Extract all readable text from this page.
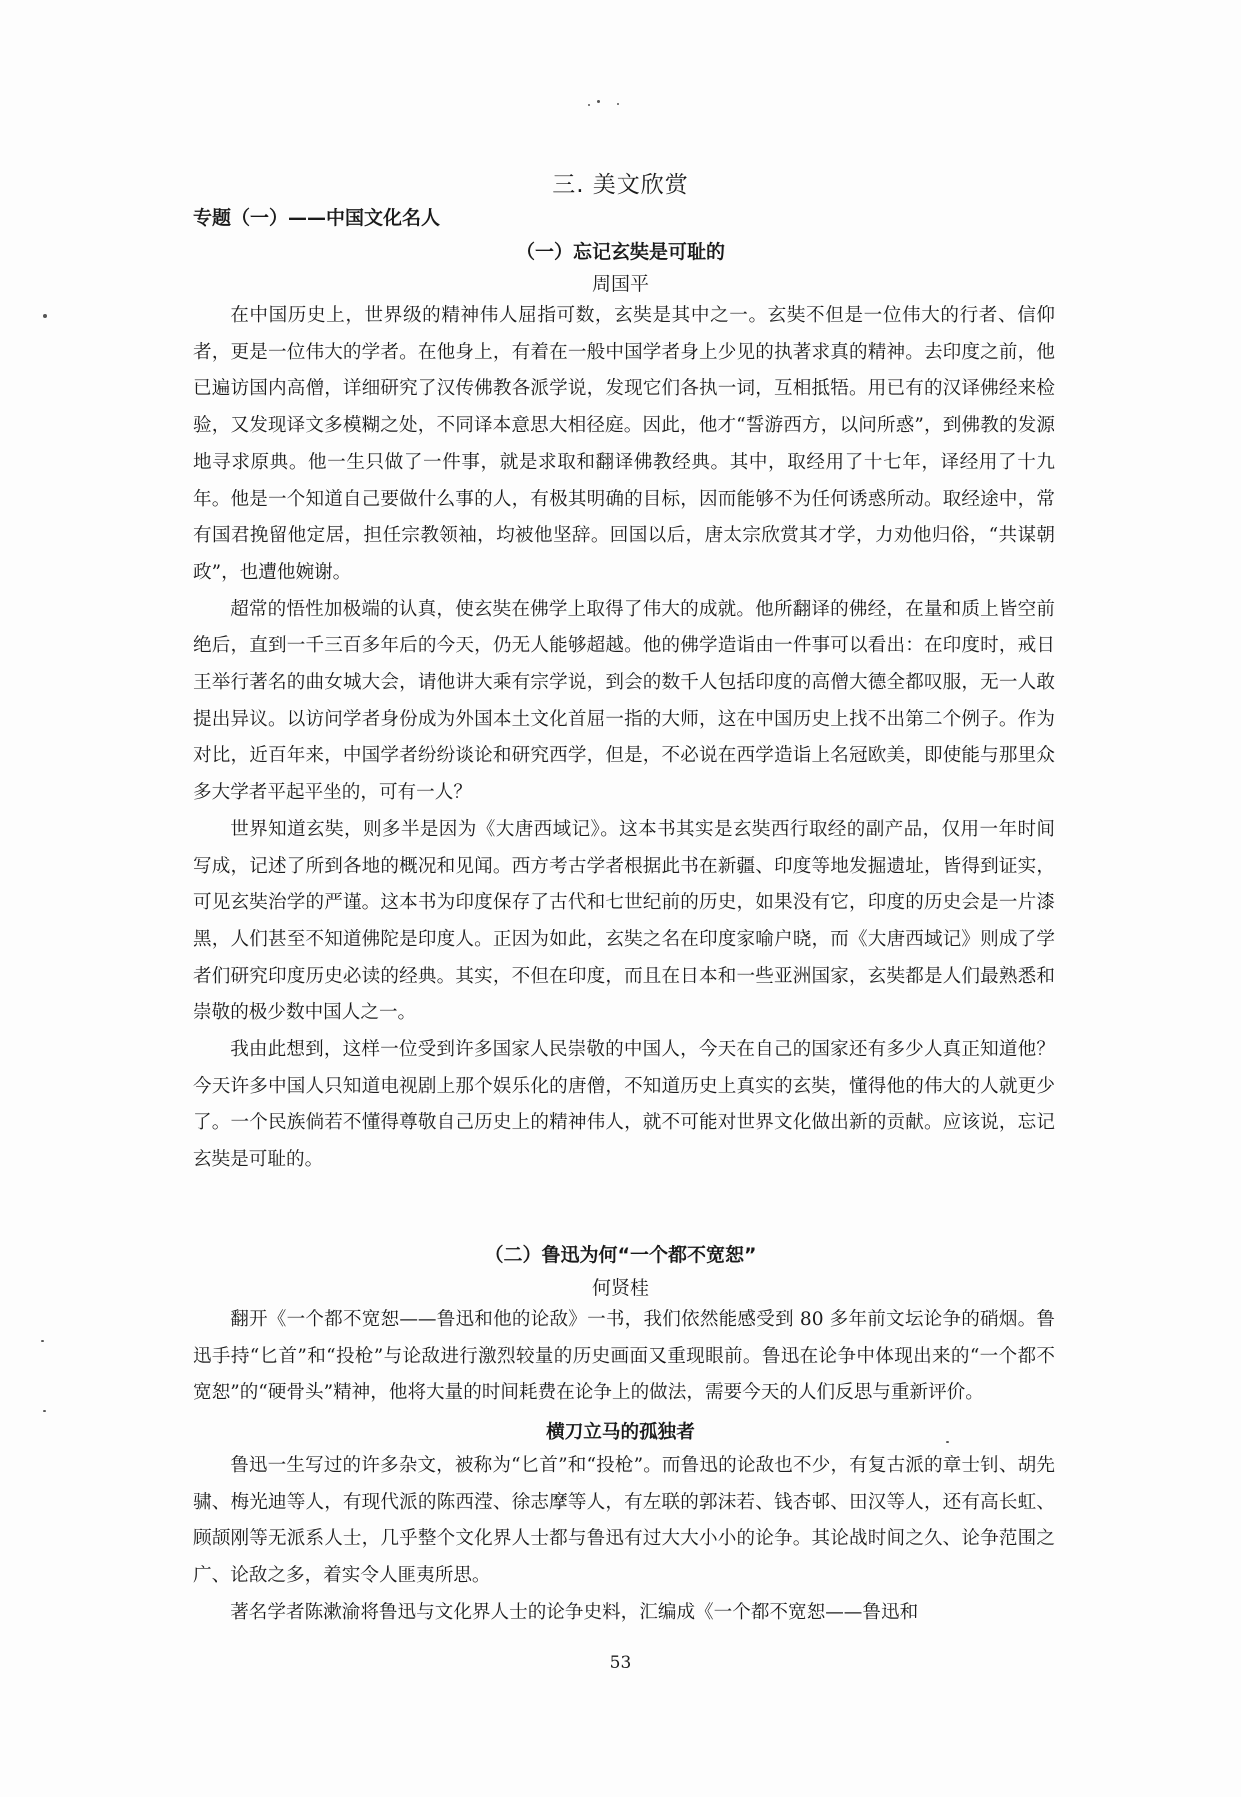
三. 美文欣赏
专题（一）——中国文化名人
（一）忘记玄奘是可耻的
周国平

在中国历史上，世界级的精神伟人屈指可数，玄奘是其中之一。玄奘不但是一位伟大的行者、信仰者，更是一位伟大的学者。在他身上，有着在一般中国学者身上少见的执著求真的精神。去印度之前，他已遍访国内高僧，详细研究了汉传佛教各派学说，发现它们各执一词，互相抵牾。用已有的汉译佛经来检验，又发现译文多模糊之处，不同译本意思大相径庭。因此，他才“誓游西方，以问所惑”，到佛教的发源地寻求原典。他一生只做了一件事，就是求取和翻译佛教经典。其中，取经用了十七年，译经用了十九年。他是一个知道自己要做什么事的人，有极其明确的目标，因而能够不为任何诱惑所动。取经途中，常有国君挽留他定居，担任宗教领袖，均被他坚辞。回国以后，唐太宗欣赏其才学，力劝他归俗，“共谋朝政”，也遭他婉谢。

超常的悟性加极端的认真，使玄奘在佛学上取得了伟大的成就。他所翻译的佛经，在量和质上皆空前绝后，直到一千三百多年后的今天，仍无人能够超越。他的佛学造诣由一件事可以看出：在印度时，戒日王举行著名的曲女城大会，请他讲大乘有宗学说，到会的数千人包括印度的高僧大德全都叹服，无一人敢提出异议。以访问学者身份成为外国本土文化首屈一指的大师，这在中国历史上找不出第二个例子。作为对比，近百年来，中国学者纷纷谈论和研究西学，但是，不必说在西学造诣上名冠欧美，即使能与那里众多大学者平起平坐的，可有一人？

世界知道玄奘，则多半是因为《大唐西域记》。这本书其实是玄奘西行取经的副产品，仅用一年时间写成，记述了所到各地的概况和见闻。西方考古学者根据此书在新疆、印度等地发掘遗址，皆得到证实，可见玄奘治学的严谨。这本书为印度保存了古代和七世纪前的历史，如果没有它，印度的历史会是一片漆黑，人们甚至不知道佛陀是印度人。正因为如此，玄奘之名在印度家喻户晓，而《大唐西域记》则成了学者们研究印度历史必读的经典。其实，不但在印度，而且在日本和一些亚洲国家，玄奘都是人们最熟悉和崇敬的极少数中国人之一。

我由此想到，这样一位受到许多国家人民崇敬的中国人，今天在自己的国家还有多少人真正知道他？今天许多中国人只知道电视剧上那个娱乐化的唐僧，不知道历史上真实的玄奘，懂得他的伟大的人就更少了。一个民族倘若不懂得尊敬自己历史上的精神伟人，就不可能对世界文化做出新的贡献。应该说，忘记玄奘是可耻的。

（二）鲁迅为何“一个都不宽恕”
何贤桂

翻开《一个都不宽恕——鲁迅和他的论敌》一书，我们依然能感受到 80 多年前文坛论争的硝烟。鲁迅手持“匕首”和“投枪”与论敌进行激烈较量的历史画面又重现眼前。鲁迅在论争中体现出来的“一个都不宽恕”的“硬骨头”精神，他将大量的时间耗费在论争上的做法，需要今天的人们反思与重新评价。

横刀立马的孤独者

鲁迅一生写过的许多杂文，被称为“匕首”和“投枪”。而鲁迅的论敌也不少，有复古派的章士钊、胡先骕、梅光迪等人，有现代派的陈西滢、徐志摩等人，有左联的郭沫若、钱杏邨、田汉等人，还有高长虹、顾颉刚等无派系人士，几乎整个文化界人士都与鲁迅有过大大小小的论争。其论战时间之久、论争范围之广、论敌之多，着实令人匪夷所思。

著名学者陈漱渝将鲁迅与文化界人士的论争史料，汇编成《一个都不宽恕——鲁迅和

53
